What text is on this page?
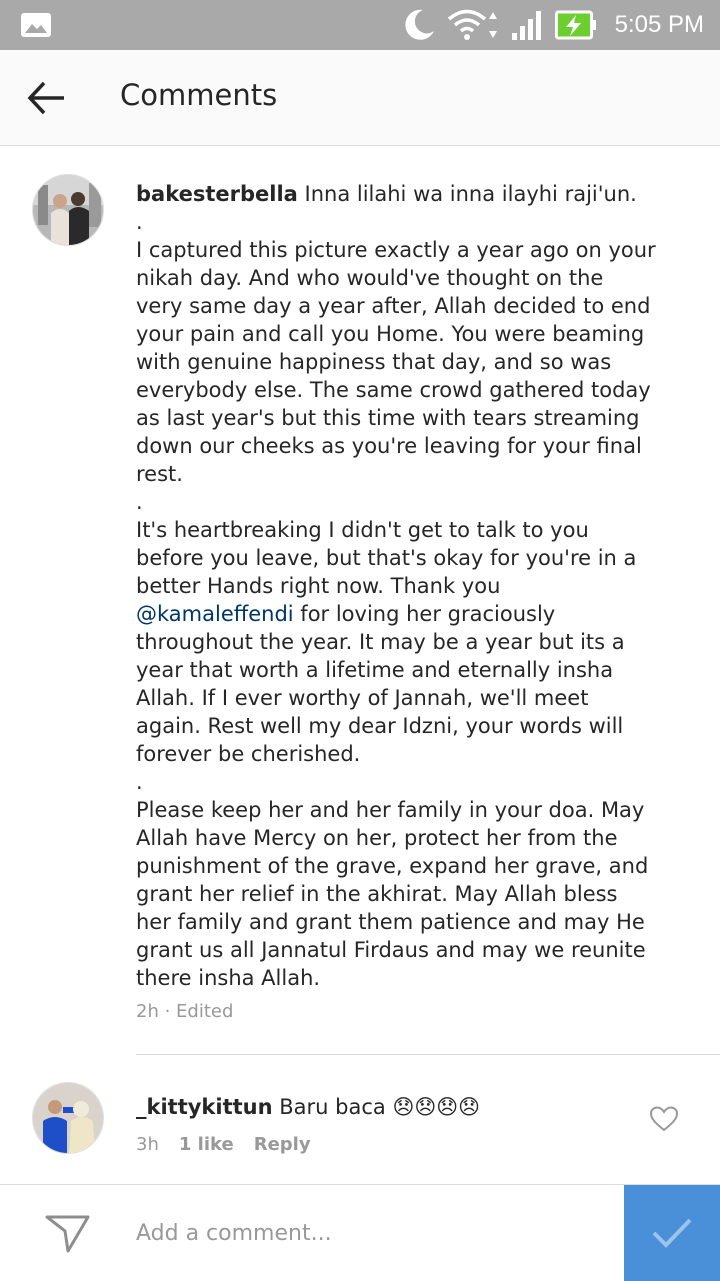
5:05 PM
Comments
bakesterbella Inna lilahi wa inna ilayhi raji'un.
.
I captured this picture exactly a year ago on your nikah day. And who would've thought on the very same day a year after, Allah decided to end your pain and call you Home. You were beaming with genuine happiness that day, and so was everybody else. The same crowd gathered today as last year's but this time with tears streaming down our cheeks as you're leaving for your final rest.
.
It's heartbreaking I didn't get to talk to you before you leave, but that's okay for you're in a better Hands right now. Thank you @kamaleffendi for loving her graciously throughout the year. It may be a year but its a year that worth a lifetime and eternally insha Allah. If I ever worthy of Jannah, we'll meet again. Rest well my dear Idzni, your words will forever be cherished.
.
Please keep her and her family in your doa. May Allah have Mercy on her, protect her from the punishment of the grave, expand her grave, and grant her relief in the akhirat. May Allah bless her family and grant them patience and may He grant us all Jannatul Firdaus and may we reunite there insha Allah.
2h · Edited
_kittykittun Baru baca 😞😞😞😞
3h 1 like Reply
Add a comment...
